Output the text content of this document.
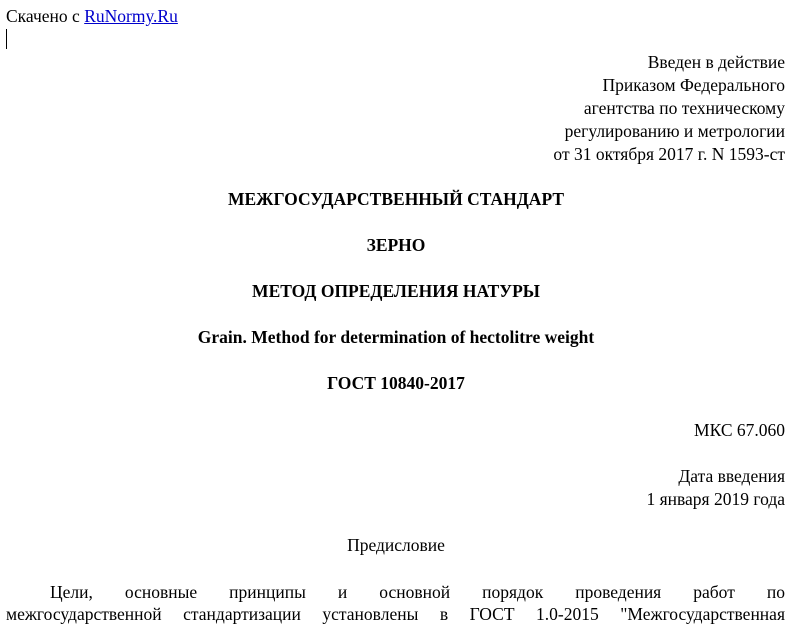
Скачено с RuNormy.Ru
Введен в действие
Приказом Федерального
агентства по техническому
регулированию и метрологии
от 31 октября 2017 г. N 1593-ст
МЕЖГОСУДАРСТВЕННЫЙ СТАНДАРТ
ЗЕРНО
МЕТОД ОПРЕДЕЛЕНИЯ НАТУРЫ
Grain. Method for determination of hectolitre weight
ГОСТ 10840-2017
МКС 67.060
Дата введения
1 января 2019 года
Предисловие
Цели, основные принципы и основной порядок проведения работ по
межгосударственной стандартизации установлены в ГОСТ 1.0-2015 "Межгосударственная
